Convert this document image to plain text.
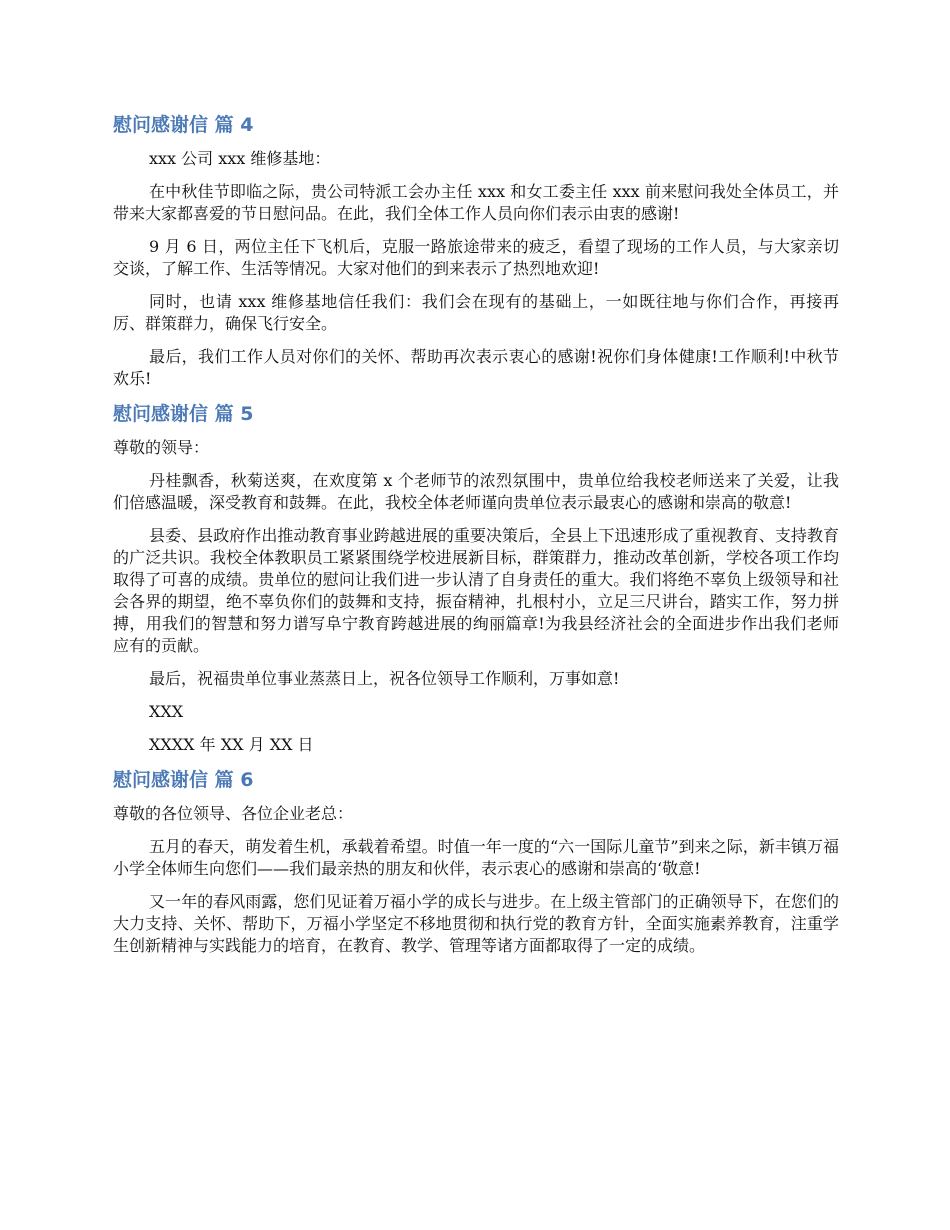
慰问感谢信 篇 4

xxx 公司 xxx 维修基地：

在中秋佳节即临之际，贵公司特派工会办主任 xxx 和女工委主任 xxx 前来慰问我处全体员工，并带来大家都喜爱的节日慰问品。在此，我们全体工作人员向你们表示由衷的感谢!

9 月 6 日，两位主任下飞机后，克服一路旅途带来的疲乏，看望了现场的工作人员，与大家亲切交谈，了解工作、生活等情况。大家对他们的到来表示了热烈地欢迎!

同时，也请 xxx 维修基地信任我们：我们会在现有的基础上，一如既往地与你们合作，再接再厉、群策群力，确保飞行安全。

最后，我们工作人员对你们的关怀、帮助再次表示衷心的感谢!祝你们身体健康!工作顺利!中秋节欢乐!

慰问感谢信 篇 5

尊敬的领导：

丹桂飘香，秋菊送爽，在欢度第 x 个老师节的浓烈氛围中，贵单位给我校老师送来了关爱，让我们倍感温暖，深受教育和鼓舞。在此，我校全体老师谨向贵单位表示最衷心的感谢和崇高的敬意!

县委、县政府作出推动教育事业跨越进展的重要决策后，全县上下迅速形成了重视教育、支持教育的广泛共识。我校全体教职员工紧紧围绕学校进展新目标，群策群力，推动改革创新，学校各项工作均取得了可喜的成绩。贵单位的慰问让我们进一步认清了自身责任的重大。我们将绝不辜负上级领导和社会各界的期望，绝不辜负你们的鼓舞和支持，振奋精神，扎根村小，立足三尺讲台，踏实工作，努力拼搏，用我们的智慧和努力谱写阜宁教育跨越进展的绚丽篇章!为我县经济社会的全面进步作出我们老师应有的贡献。

最后，祝福贵单位事业蒸蒸日上，祝各位领导工作顺利，万事如意!

XXX

XXXX 年 XX 月 XX 日

慰问感谢信 篇 6

尊敬的各位领导、各位企业老总：

五月的春天，萌发着生机，承载着希望。时值一年一度的“六一国际儿童节”到来之际，新丰镇万福小学全体师生向您们——我们最亲热的朋友和伙伴，表示衷心的感谢和崇高的‘敬意!

又一年的春风雨露，您们见证着万福小学的成长与进步。在上级主管部门的正确领导下，在您们的大力支持、关怀、帮助下，万福小学坚定不移地贯彻和执行党的教育方针，全面实施素养教育，注重学生创新精神与实践能力的培育，在教育、教学、管理等诸方面都取得了一定的成绩。
